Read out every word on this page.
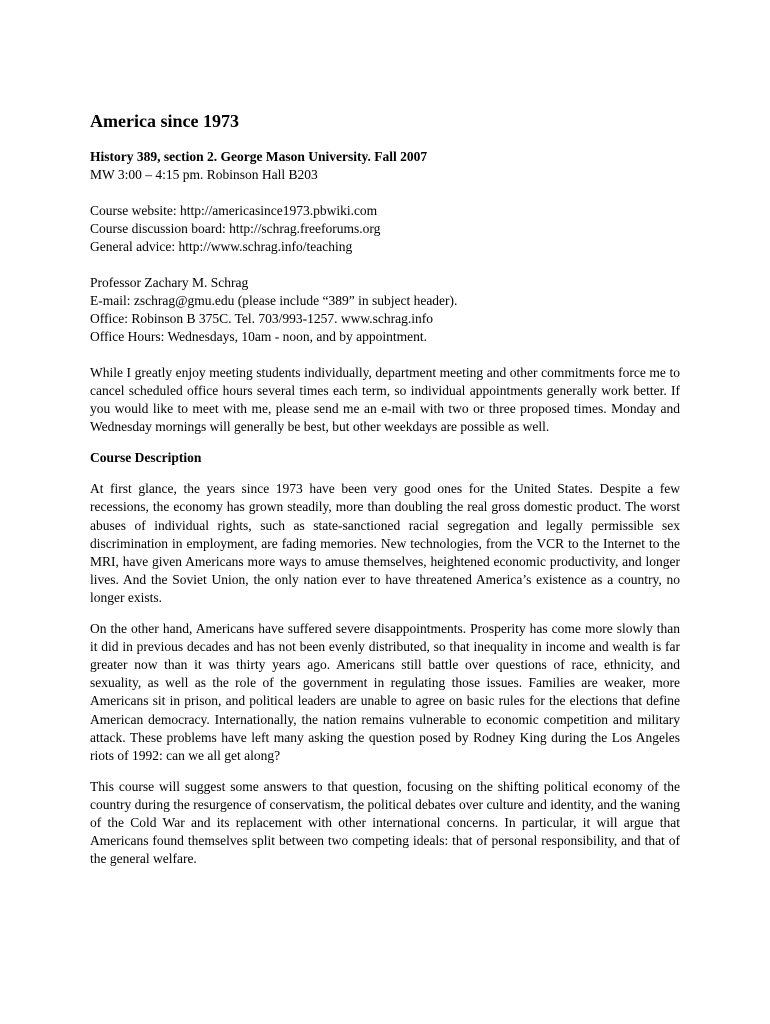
America since 1973
History 389, section 2. George Mason University. Fall 2007
MW 3:00 – 4:15 pm. Robinson Hall B203
Course website: http://americasince1973.pbwiki.com
Course discussion board: http://schrag.freeforums.org
General advice: http://www.schrag.info/teaching
Professor Zachary M. Schrag
E-mail: zschrag@gmu.edu (please include “389” in subject header).
Office: Robinson B 375C. Tel. 703/993-1257. www.schrag.info
Office Hours: Wednesdays, 10am - noon, and by appointment.

While I greatly enjoy meeting students individually, department meeting and other commitments force me to cancel scheduled office hours several times each term, so individual appointments generally work better. If you would like to meet with me, please send me an e-mail with two or three proposed times. Monday and Wednesday mornings will generally be best, but other weekdays are possible as well.

Course Description

At first glance, the years since 1973 have been very good ones for the United States. Despite a few recessions, the economy has grown steadily, more than doubling the real gross domestic product. The worst abuses of individual rights, such as state-sanctioned racial segregation and legally permissible sex discrimination in employment, are fading memories. New technologies, from the VCR to the Internet to the MRI, have given Americans more ways to amuse themselves, heightened economic productivity, and longer lives. And the Soviet Union, the only nation ever to have threatened America’s existence as a country, no longer exists.

On the other hand, Americans have suffered severe disappointments. Prosperity has come more slowly than it did in previous decades and has not been evenly distributed, so that inequality in income and wealth is far greater now than it was thirty years ago. Americans still battle over questions of race, ethnicity, and sexuality, as well as the role of the government in regulating those issues. Families are weaker, more Americans sit in prison, and political leaders are unable to agree on basic rules for the elections that define American democracy. Internationally, the nation remains vulnerable to economic competition and military attack. These problems have left many asking the question posed by Rodney King during the Los Angeles riots of 1992: can we all get along?

This course will suggest some answers to that question, focusing on the shifting political economy of the country during the resurgence of conservatism, the political debates over culture and identity, and the waning of the Cold War and its replacement with other international concerns. In particular, it will argue that Americans found themselves split between two competing ideals: that of personal responsibility, and that of the general welfare.
